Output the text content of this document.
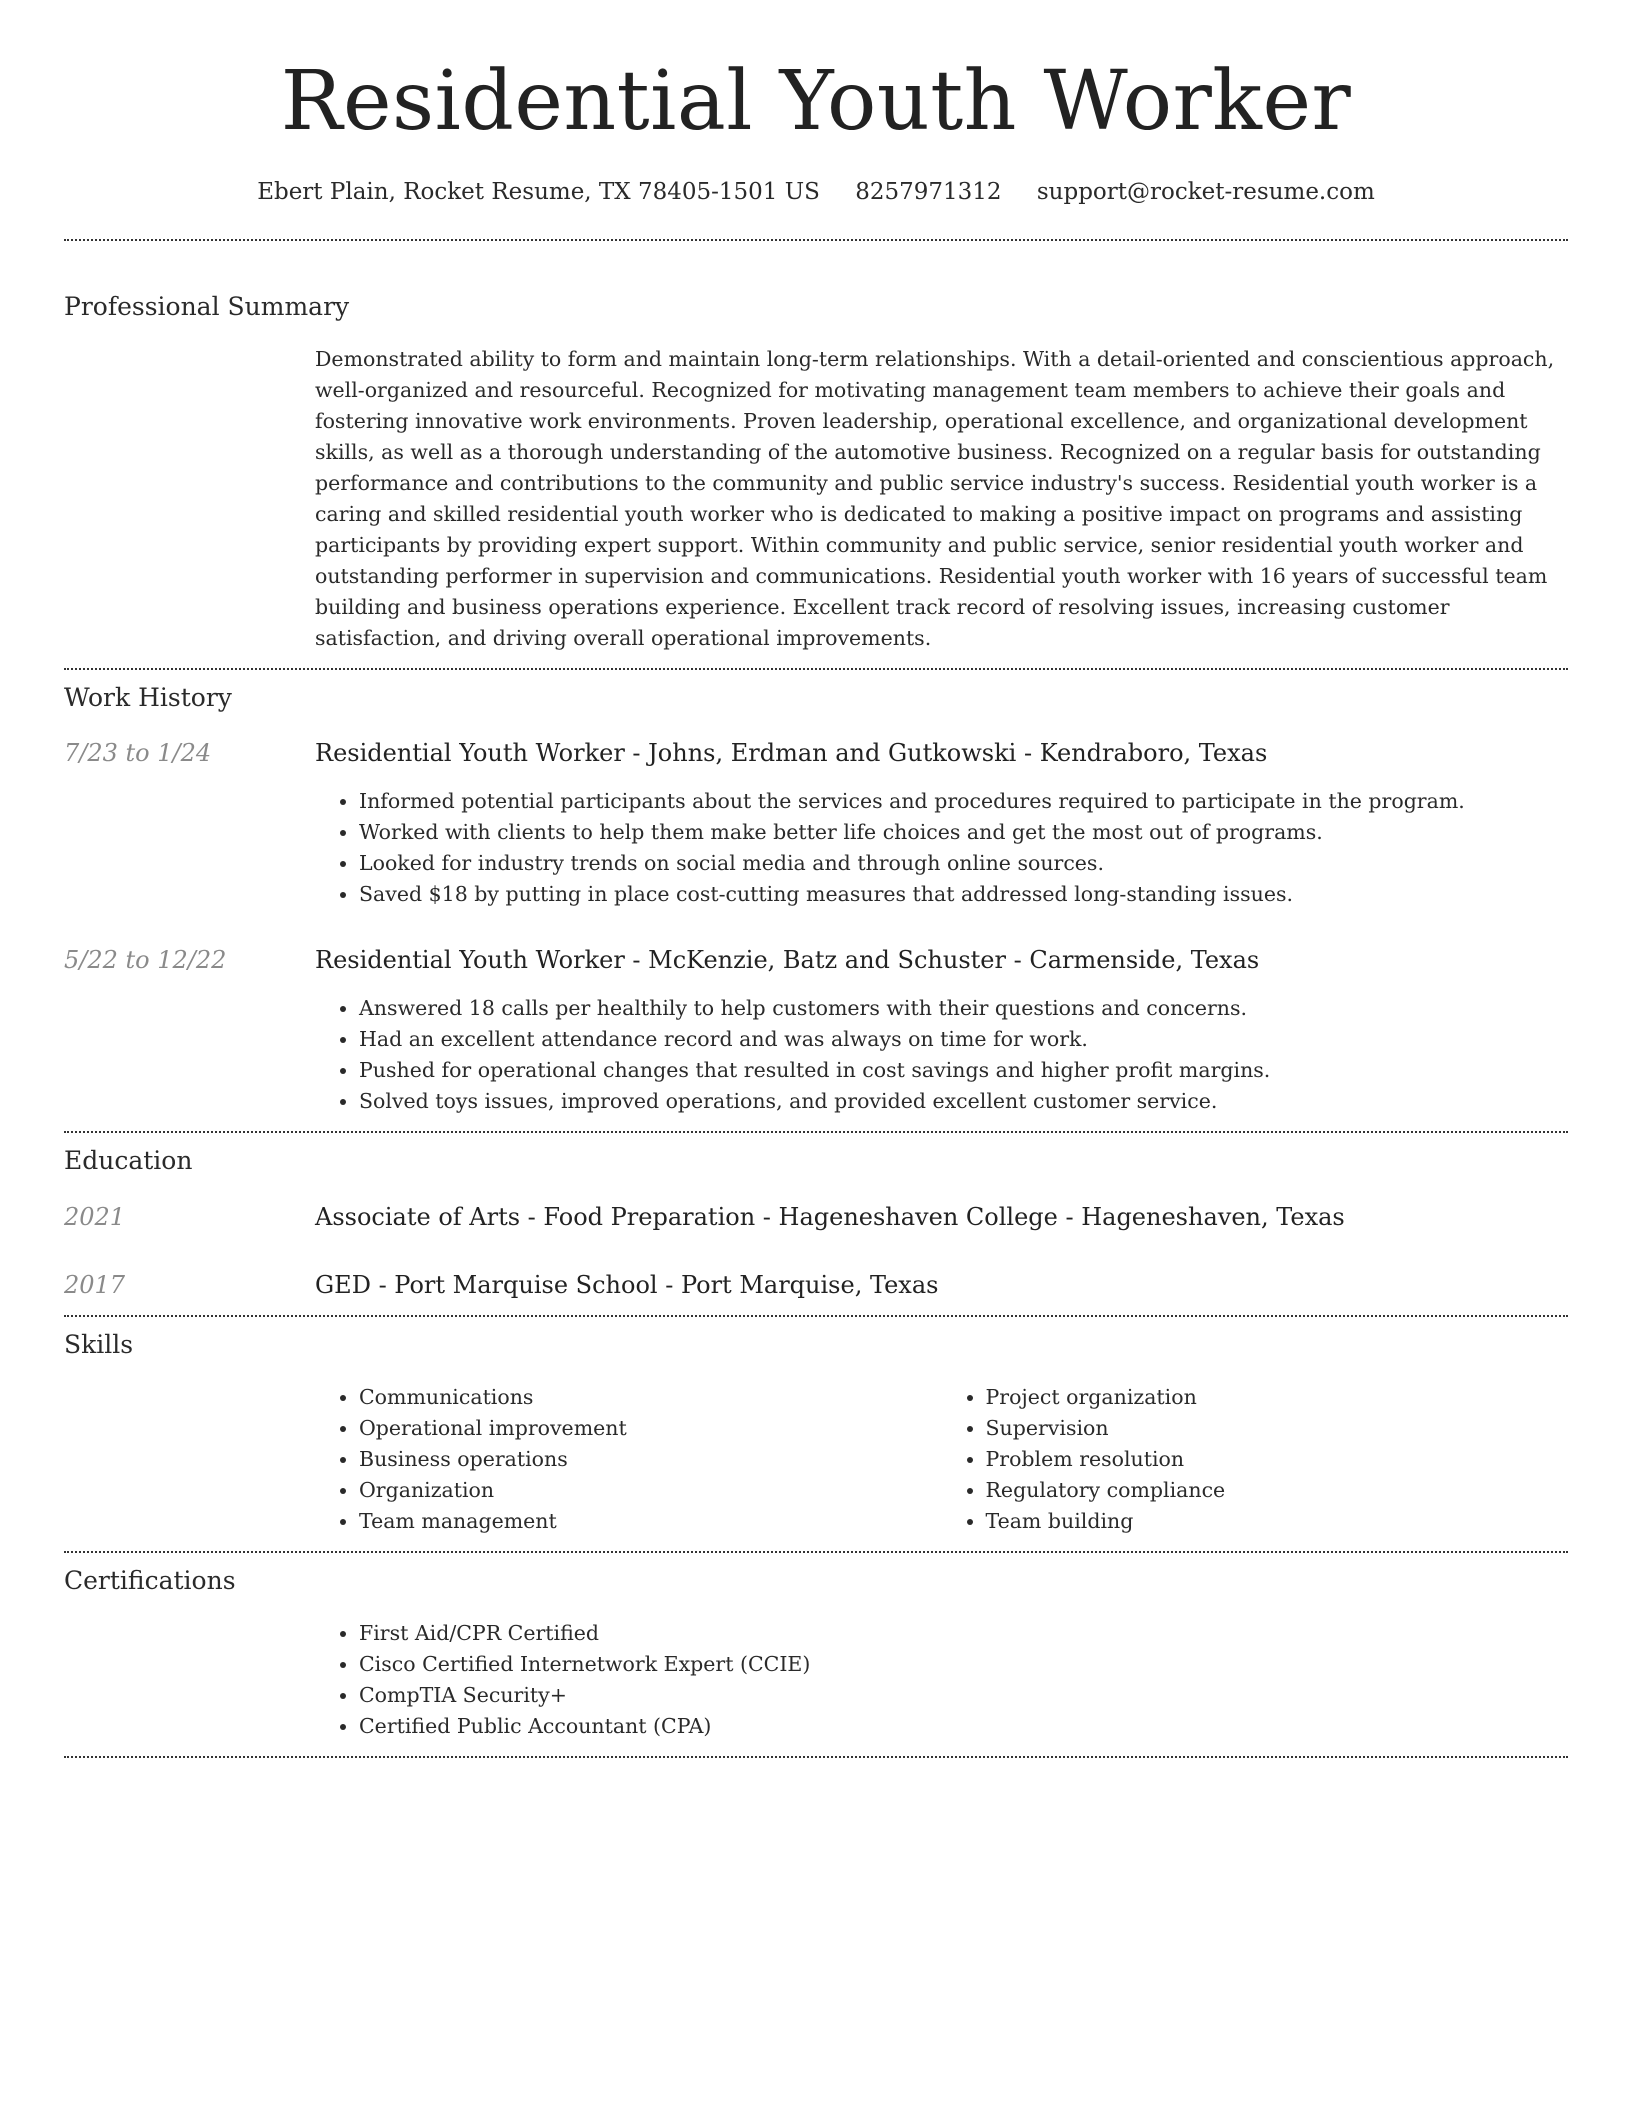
Residential Youth Worker
Ebert Plain, Rocket Resume, TX 78405-1501 US 8257971312 support@rocket-resume.com
Professional Summary

Demonstrated ability to form and maintain long-term relationships. With a detail-oriented and conscientious approach, well-organized and resourceful. Recognized for motivating management team members to achieve their goals and fostering innovative work environments. Proven leadership, operational excellence, and organizational development skills, as well as a thorough understanding of the automotive business. Recognized on a regular basis for outstanding performance and contributions to the community and public service industry's success. Residential youth worker is a caring and skilled residential youth worker who is dedicated to making a positive impact on programs and assisting participants by providing expert support. Within community and public service, senior residential youth worker and outstanding performer in supervision and communications. Residential youth worker with 16 years of successful team building and business operations experience. Excellent track record of resolving issues, increasing customer satisfaction, and driving overall operational improvements.

Work History
7/23 to 1/24	Residential Youth Worker - Johns, Erdman and Gutkowski - Kendraboro, Texas
• Informed potential participants about the services and procedures required to participate in the program.
• Worked with clients to help them make better life choices and get the most out of programs.
• Looked for industry trends on social media and through online sources.
• Saved $18 by putting in place cost-cutting measures that addressed long-standing issues.
5/22 to 12/22	Residential Youth Worker - McKenzie, Batz and Schuster - Carmenside, Texas
• Answered 18 calls per healthily to help customers with their questions and concerns.
• Had an excellent attendance record and was always on time for work.
• Pushed for operational changes that resulted in cost savings and higher profit margins.
• Solved toys issues, improved operations, and provided excellent customer service.
Education
2021	Associate of Arts - Food Preparation - Hageneshaven College - Hageneshaven, Texas
2017	GED - Port Marquise School - Port Marquise, Texas
Skills
• Communications
• Operational improvement
• Business operations
• Organization
• Team management
• Project organization
• Supervision
• Problem resolution
• Regulatory compliance
• Team building
Certifications
• First Aid/CPR Certified
• Cisco Certified Internetwork Expert (CCIE)
• CompTIA Security+
• Certified Public Accountant (CPA)
